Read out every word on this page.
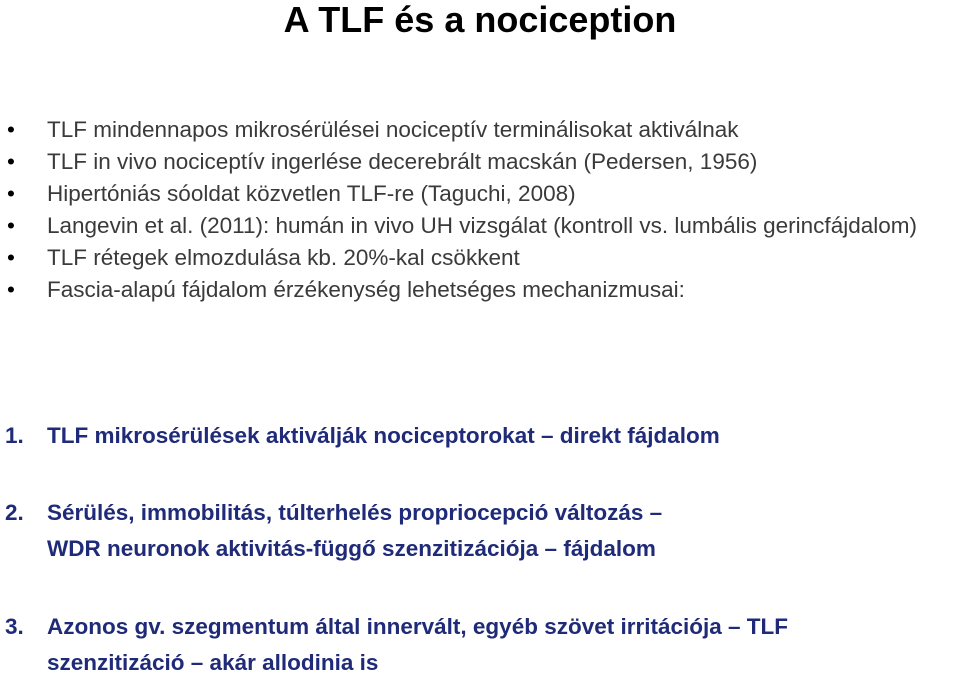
A TLF és a nociception
• TLF mindennapos mikrosérülései nociceptív terminálisokat aktiválnak
• TLF in vivo nociceptív ingerlése decerebrált macskán (Pedersen, 1956)
• Hipertóniás sóoldat közvetlen TLF-re (Taguchi, 2008)
• Langevin et al. (2011): humán in vivo UH vizsgálat (kontroll vs. lumbális gerincfájdalom)
• TLF rétegek elmozdulása kb. 20%-kal csökkent
• Fascia-alapú fájdalom érzékenység lehetséges mechanizmusai:
1.	TLF mikrosérülések aktiválják nociceptorokat – direkt fájdalom
2.	Sérülés, immobilitás, túlterhelés propriocepció változás –
WDR neuronok aktivitás-függő szenzitizációja – fájdalom
3.	Azonos gv. szegmentum által innervált, egyéb szövet irritációja – TLF
szenzitizáció – akár allodinia is
